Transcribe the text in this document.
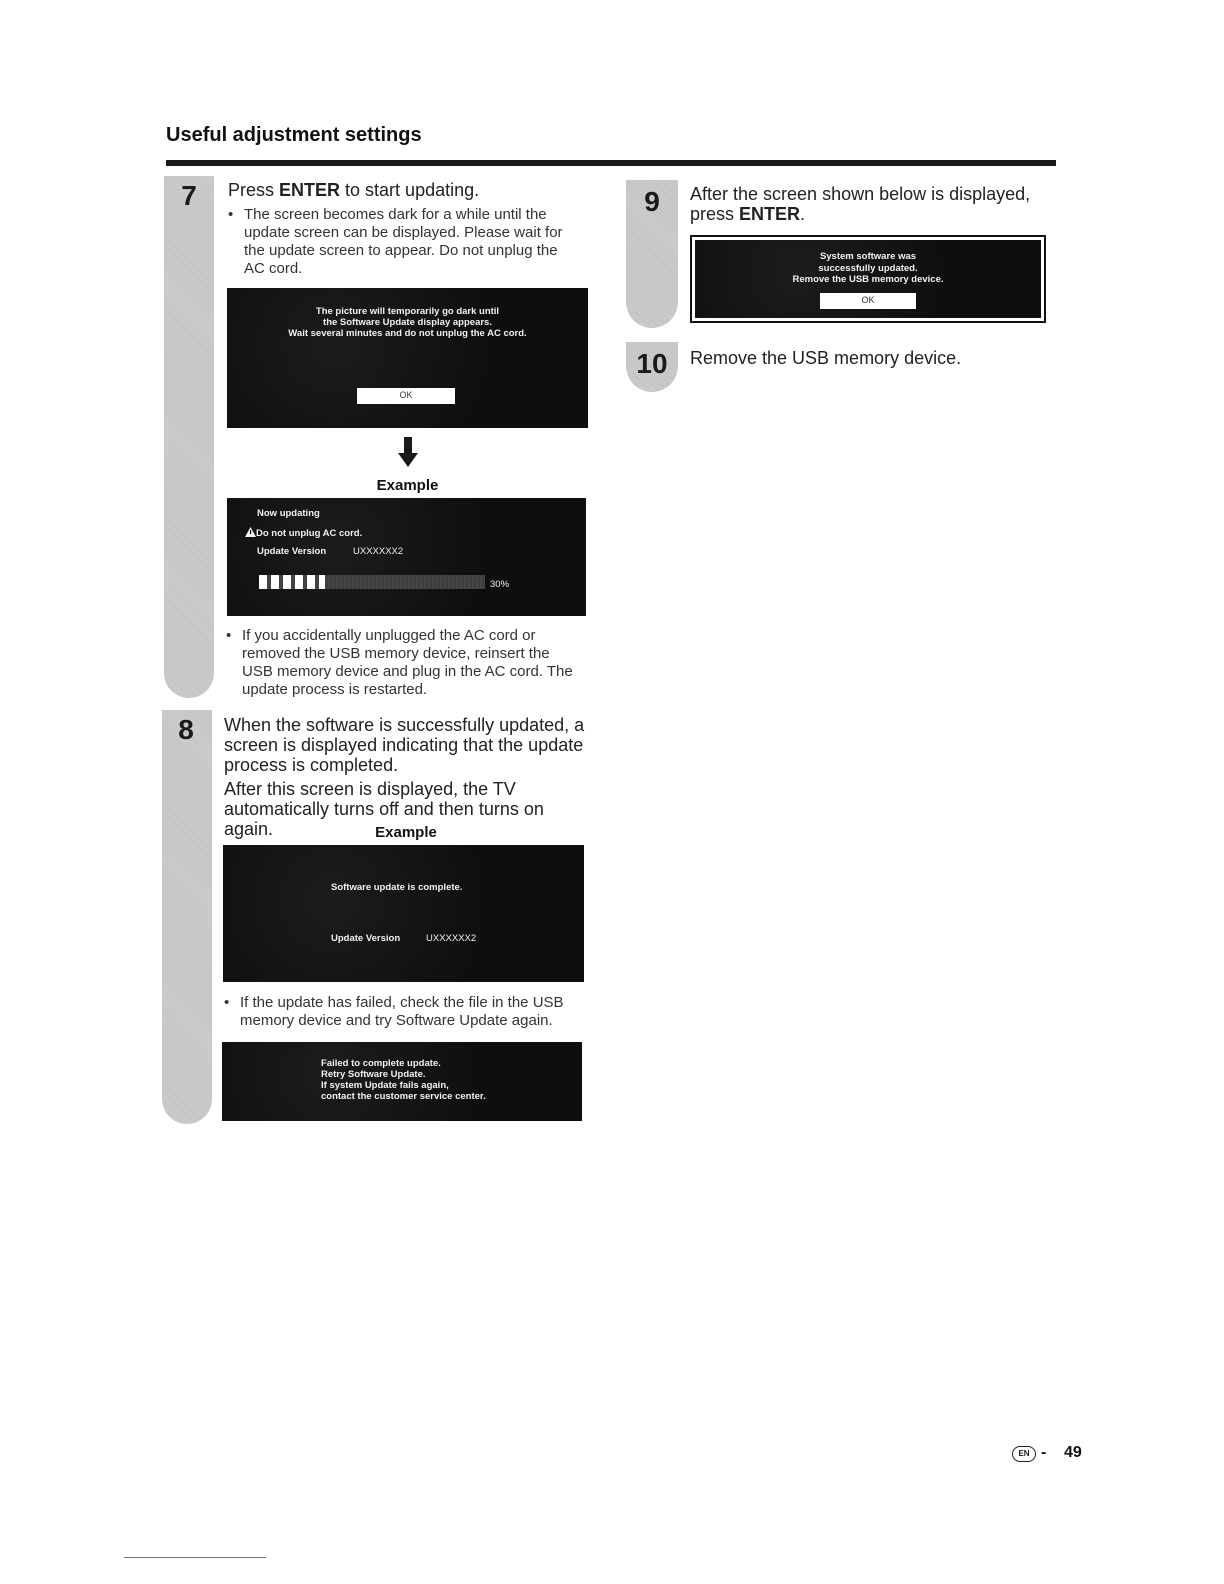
Useful adjustment settings
7	Press ENTER to start updating.
• The screen becomes dark for a while until the update screen can be displayed. Please wait for the update screen to appear. Do not unplug the AC cord.
The picture will temporarily go dark until
the Software Update display appears.
Wait several minutes and do not unplug the AC cord.
OK
Example
Now updating
Do not unplug AC cord.
Update Version	UXXXXXX2
30%
• If you accidentally unplugged the AC cord or removed the USB memory device, reinsert the USB memory device and plug in the AC cord. The update process is restarted.
8	When the software is successfully updated, a screen is displayed indicating that the update process is completed.
After this screen is displayed, the TV automatically turns off and then turns on again.	Example
Software update is complete.
Update Version	UXXXXXX2
• If the update has failed, check the file in the USB memory device and try Software Update again.
Failed to complete update.
Retry Software Update.
If system Update fails again,
contact the customer service center.
9	After the screen shown below is displayed, press ENTER.
System software was
successfully updated.
Remove the USB memory device.
OK
10	Remove the USB memory device.
EN - 49
